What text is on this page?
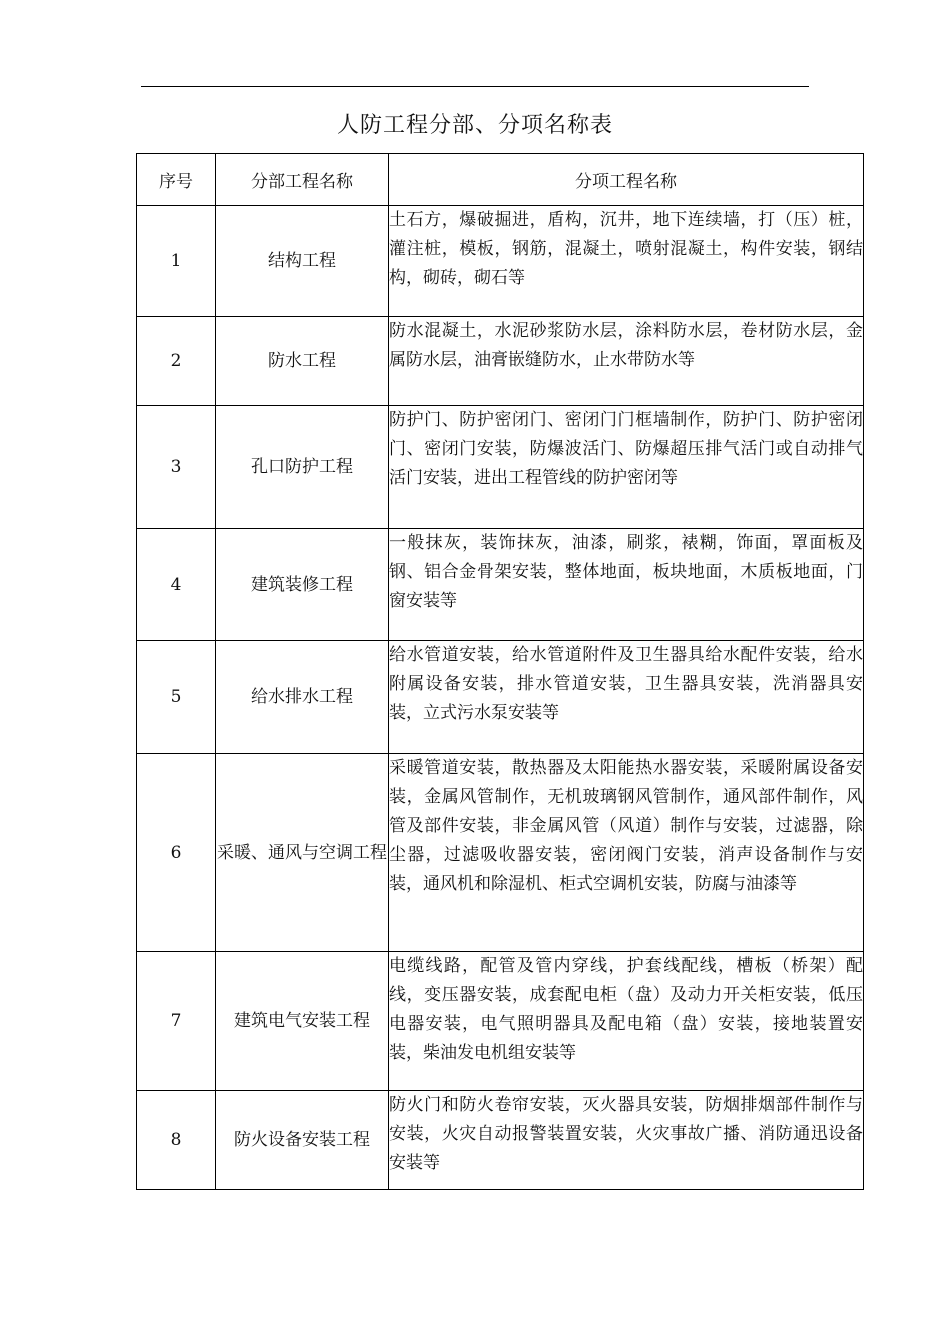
人防工程分部、分项名称表
序号	分部工程名称	分项工程名称
1	结构工程	土石方，爆破掘进，盾构，沉井，地下连续墙，打（压）桩，灌注桩，模板，钢筋，混凝土，喷射混凝土，构件安装，钢结构，砌砖，砌石等
2	防水工程	防水混凝土，水泥砂浆防水层，涂料防水层，卷材防水层，金属防水层，油膏嵌缝防水，止水带防水等
3	孔口防护工程	防护门、防护密闭门、密闭门门框墙制作，防护门、防护密闭门、密闭门安装，防爆波活门、防爆超压排气活门或自动排气活门安装，进出工程管线的防护密闭等
4	建筑装修工程	一般抹灰，装饰抹灰，油漆，刷浆，裱糊，饰面，罩面板及钢、铝合金骨架安装，整体地面，板块地面，木质板地面，门窗安装等
5	给水排水工程	给水管道安装，给水管道附件及卫生器具给水配件安装，给水附属设备安装，排水管道安装，卫生器具安装，洗消器具安装，立式污水泵安装等
6	采暖、通风与空调工程	采暖管道安装，散热器及太阳能热水器安装，采暖附属设备安装，金属风管制作，无机玻璃钢风管制作，通风部件制作，风管及部件安装，非金属风管（风道）制作与安装，过滤器，除尘器，过滤吸收器安装，密闭阀门安装，消声设备制作与安装，通风机和除湿机、柜式空调机安装，防腐与油漆等
7	建筑电气安装工程	电缆线路，配管及管内穿线，护套线配线，槽板（桥架）配线，变压器安装，成套配电柜（盘）及动力开关柜安装，低压电器安装，电气照明器具及配电箱（盘）安装，接地装置安装，柴油发电机组安装等
8	防火设备安装工程	防火门和防火卷帘安装，灭火器具安装，防烟排烟部件制作与安装，火灾自动报警装置安装，火灾事故广播、消防通迅设备安装等
